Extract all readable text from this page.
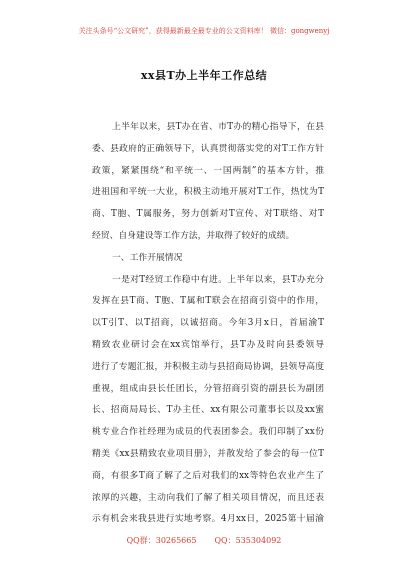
关注头条号“公文研究”，获得最新最全最专业的公文资料库！ 微信：gongwenyj
xx县T办上半年工作总结
上半年以来，县T办在省、市T办的精心指导下，在县
委、县政府的正确领导下，认真贯彻落实党的对T工作方针
政策，紧紧围绕“和平统一、一国两制”的基本方针，推
进祖国和平统一大业，积极主动地开展对T工作，热忱为T
商、T胞、T属服务，努力创新对T宣传、对T联络、对T
经贸、自身建设等工作方法，并取得了较好的成绩。
一、工作开展情况
一是对T经贸工作稳中有进。上半年以来，县T办充分
发挥在县T商、T胞、T属和T联会在招商引资中的作用，
以T引T、以T招商，以诚招商。今年3月x日，首届渝T
精致农业研讨会在xx宾馆举行，县T办及时向县委领导
进行了专题汇报，并积极主动与县招商局协调，县领导高度
重视，组成由县长任团长，分管招商引资的副县长为副团
长、招商局局长、T办主任、xx有限公司董事长以及xx蜜
桃专业合作社经理为成员的代表团参会。我们印制了xx份
精美《xx县精致农业项目册》，并散发给了参会的每一位T
商，有很多T商了解了之后对我们的xx等特色农业产生了
浓厚的兴趣，主动向我们了解了相关项目情况，而且还表
示有机会来我县进行实地考察。4月xx日，2025第十届渝
QQ群：30265665 QQ：535304092
